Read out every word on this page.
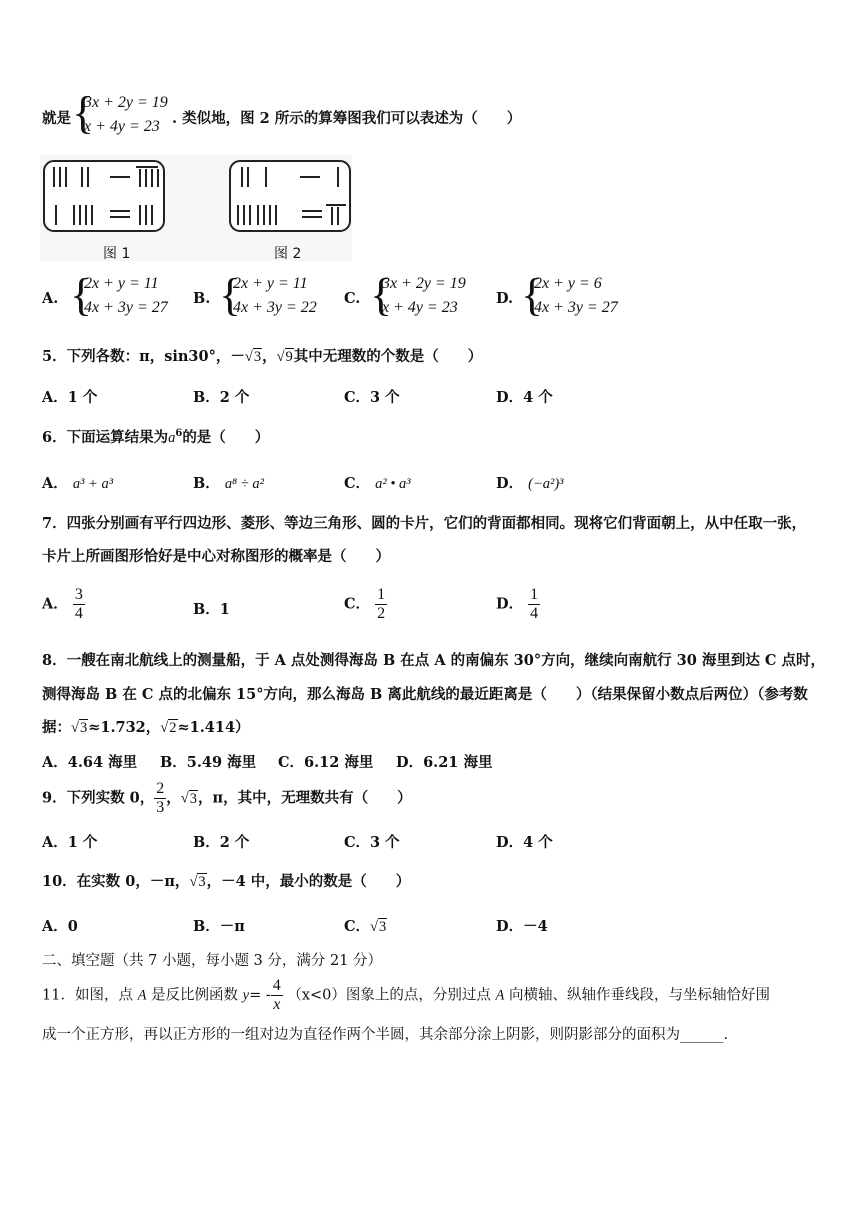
就是 {
3x + 2y = 19
x + 4y = 23 . 类似地，图 2 所示的算筹图我们可以表述为（　　）
图 1	图 2
A. {
2x + y = 11
4x + 3y = 27
B. {
2x + y = 11
4x + 3y = 22
C. {
3x + 2y = 19
x + 4y = 23
D. {
2x + y = 6
4x + 3y = 27
5．下列各数：π，sin30°，－√3，√9其中无理数的个数是（　　）
A．1 个	B．2 个	C．3 个	D．4 个
6．下面运算结果为$a^6$的是（　　）
A． a³ + a³	B． a⁸ ÷ a²	C． a² • a³	D． (−a²)³
7．四张分别画有平行四边形、菱形、等边三角形、圆的卡片，它们的背面都相同。现将它们背面朝上，从中任取一张，
卡片上所画图形恰好是中心对称图形的概率是（　　）
A． $\frac{3}{4}$	B．1	C． $\frac{1}{2}$	D． $\frac{1}{4}$
8．一艘在南北航线上的测量船，于 A 点处测得海岛 B 在点 A 的南偏东 30°方向，继续向南航行 30 海里到达 C 点时，
测得海岛 B 在 C 点的北偏东 15°方向，那么海岛 B 离此航线的最近距离是（　　）（结果保留小数点后两位）（参考数
据：√3≈1.732，√2≈1.414）
A．4.64 海里 B．5.49 海里 C．6.12 海里 D．6.21 海里
9．下列实数 0， $\frac{2}{3}$ ，√3，π，其中，无理数共有（　　）
A．1 个	B．2 个	C．3 个	D．4 个
10．在实数 0，－π，√3，－4 中，最小的数是（　　）
A．0	B．－π	C．√3	D．－4
二、填空题（共 7 小题，每小题 3 分，满分 21 分）
11．如图，点 A 是反比例函数 $y= - \frac{4}{x} (x<0)$图象上的点，分别过点 A 向横轴、纵轴作垂线段，与坐标轴恰好围
成一个正方形，再以正方形的一组对边为直径作两个半圆，其余部分涂上阴影，则阴影部分的面积为______.
